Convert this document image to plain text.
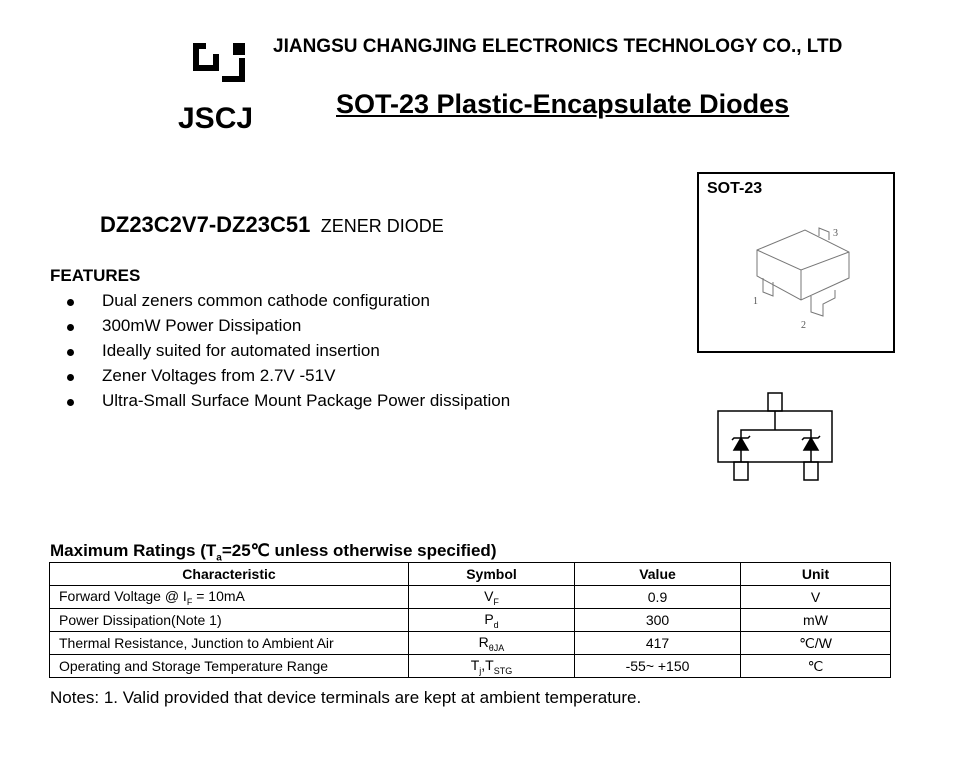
JSCJ
JIANGSU CHANGJING ELECTRONICS TECHNOLOGY CO., LTD
SOT-23 Plastic-Encapsulate Diodes
DZ23C2V7-DZ23C51 ZENER DIODE
FEATURES
Dual zeners common cathode configuration
300mW Power Dissipation
Ideally suited for automated insertion
Zener Voltages from 2.7V -51V
Ultra-Small Surface Mount Package Power dissipation
SOT-23
3
1
2
Maximum Ratings ($T_a=25℃$ unless otherwise specified)
Characteristic	Symbol	Value	Unit
Forward Voltage @ $I_F = 10mA$	$V_F$	0.9	V
Power Dissipation(Note 1)	$P_d$	300	mW
Thermal Resistance, Junction to Ambient Air	$R_{\theta JA}$	417	℃/W
Operating and Storage Temperature Range	$T_j,T_{STG}$	-55~ +150	℃
Notes: 1. Valid provided that device terminals are kept at ambient temperature.
